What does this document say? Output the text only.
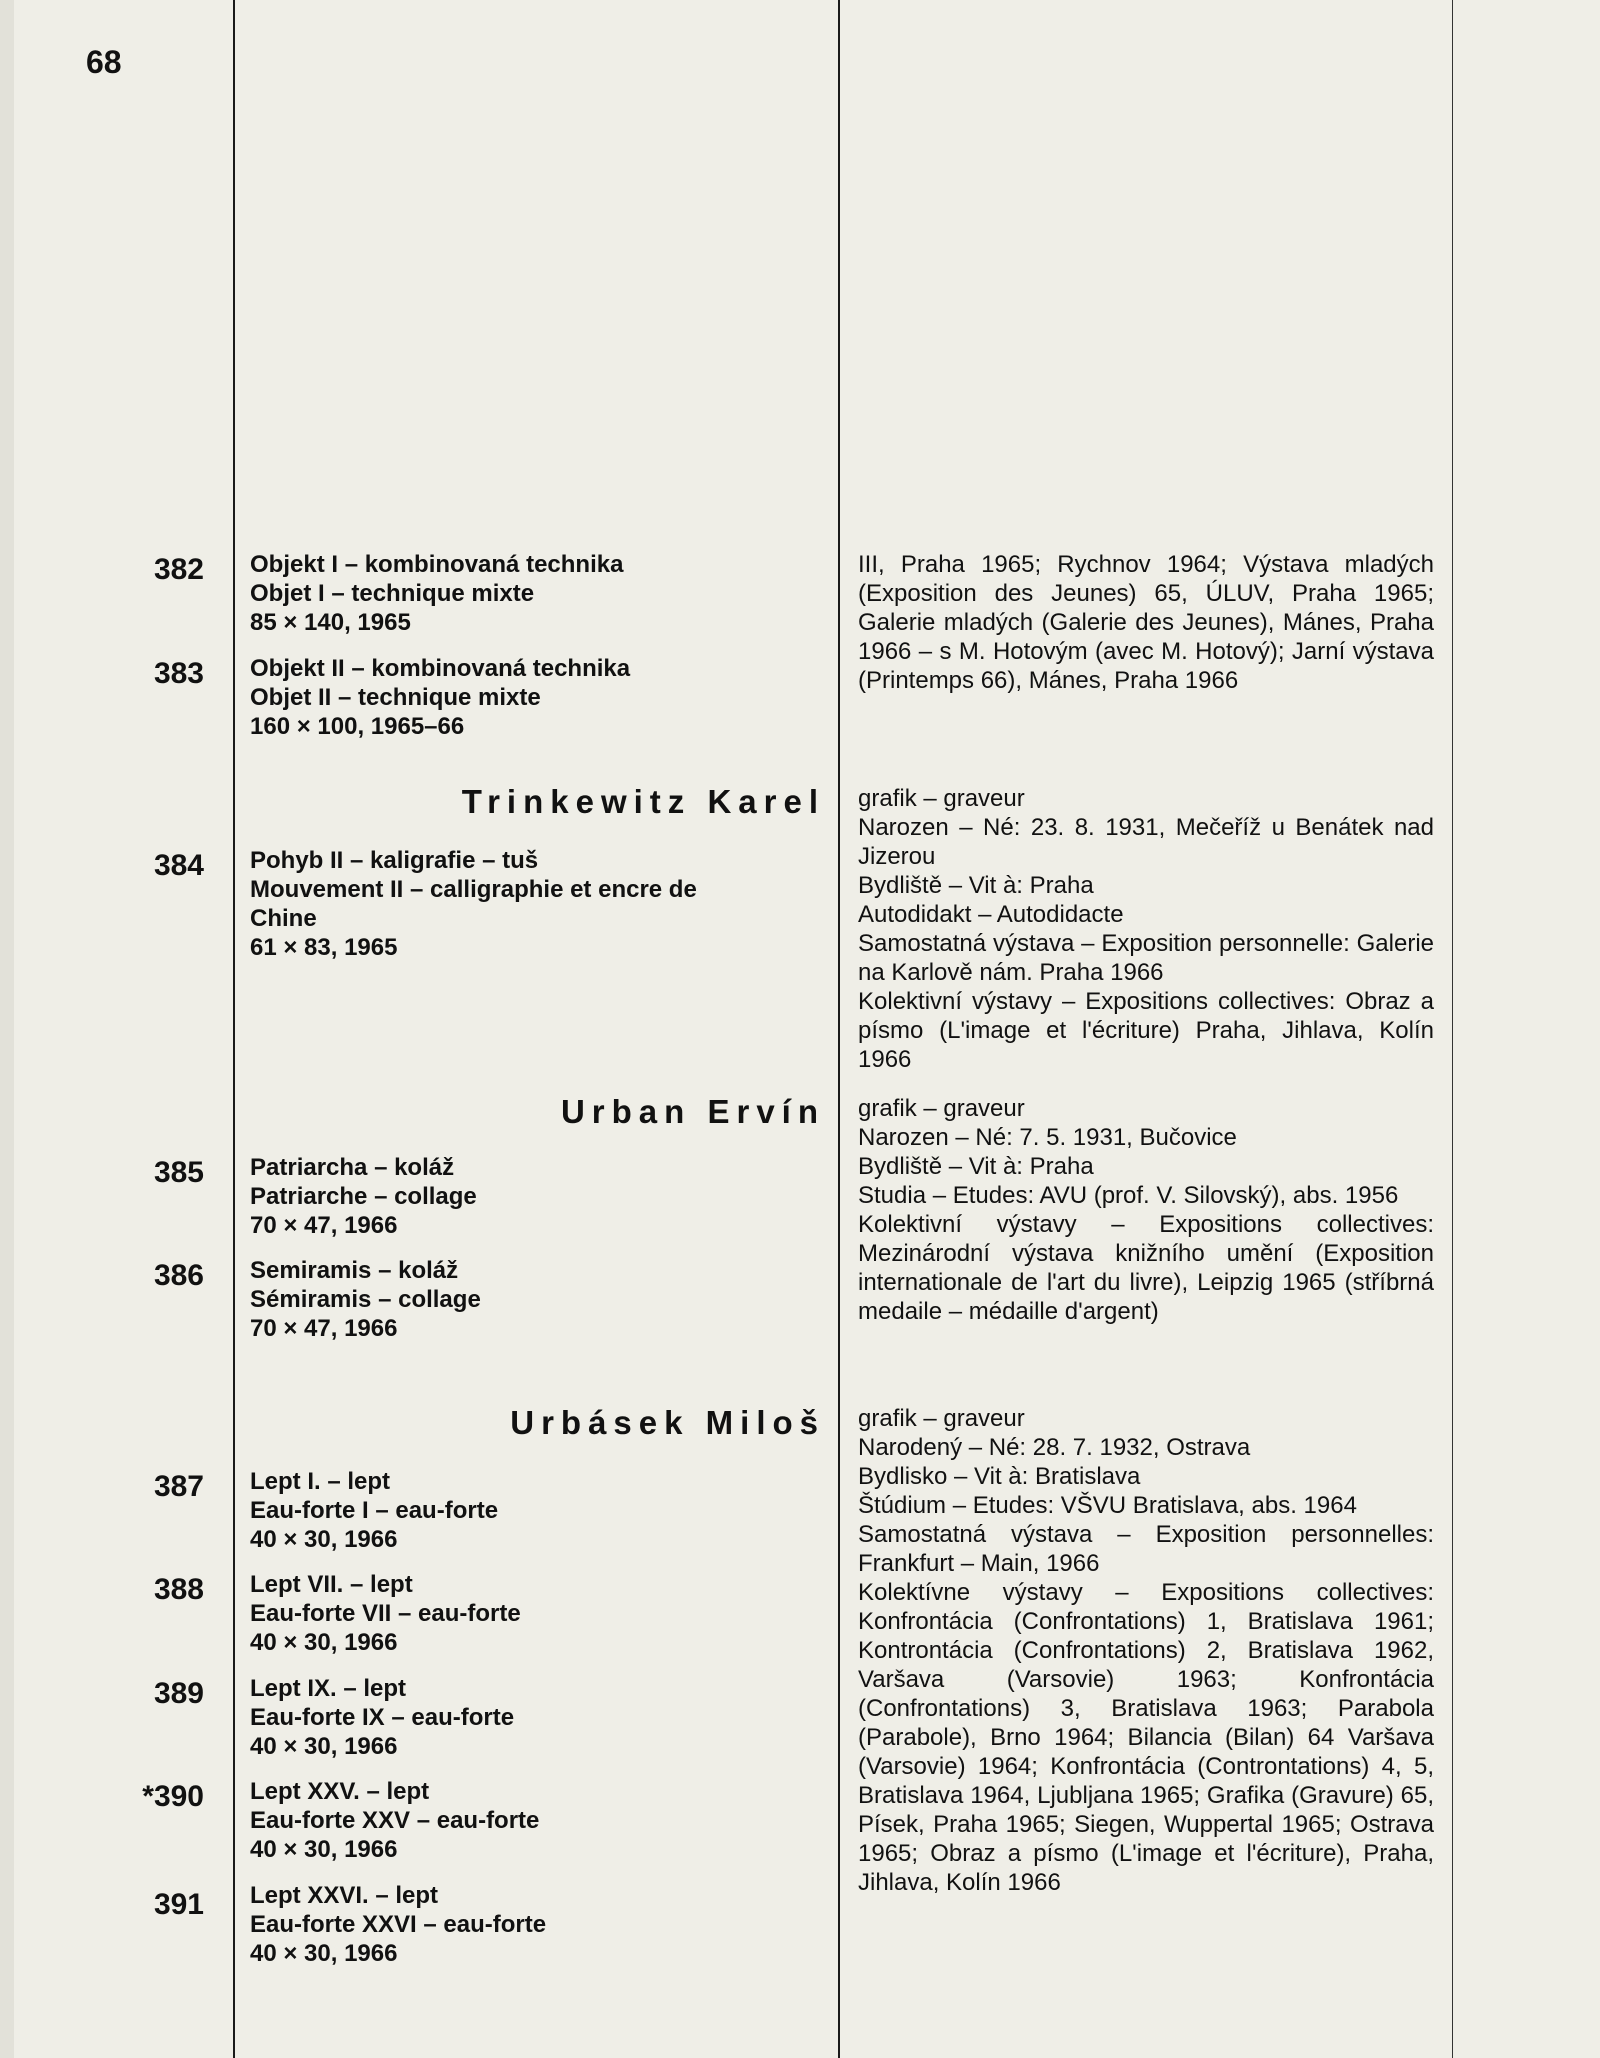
68
382
383
384
385
386
387
388
389
*390
391
Objekt I – kombinovaná technika
Objet I – technique mixte
85 × 140, 1965
Objekt II – kombinovaná technika
Objet II – technique mixte
160 × 100, 1965–66
Pohyb II – kaligrafie – tuš
Mouvement II – calligraphie et encre de
Chine
61 × 83, 1965
Patriarcha – koláž
Patriarche – collage
70 × 47, 1966
Semiramis – koláž
Sémiramis – collage
70 × 47, 1966
Lept I. – lept
Eau-forte I – eau-forte
40 × 30, 1966
Lept VII. – lept
Eau-forte VII – eau-forte
40 × 30, 1966
Lept IX. – lept
Eau-forte IX – eau-forte
40 × 30, 1966
Lept XXV. – lept
Eau-forte XXV – eau-forte
40 × 30, 1966
Lept XXVI. – lept
Eau-forte XXVI – eau-forte
40 × 30, 1966
Trinkewitz Karel
Urban Ervín
Urbásek Miloš

III, Praha 1965; Rychnov 1964; Výstava mladých (Exposition des Jeunes) 65, ÚLUV, Praha 1965; Galerie mladých (Galerie des Jeunes), Mánes, Praha 1966 – s M. Hotovým (avec M. Hotový); Jarní výstava (Printemps 66), Mánes, Praha 1966

grafik – graveur
Narozen – Né: 23. 8. 1931, Mečeříž u Benátek nad Jizerou
Bydliště – Vit à: Praha
Autodidakt – Autodidacte
Samostatná výstava – Exposition personnelle: Galerie na Karlově nám. Praha 1966
Kolektivní výstavy – Expositions collectives: Obraz a písmo (L'image et l'écriture) Praha, Jihlava, Kolín 1966

grafik – graveur
Narozen – Né: 7. 5. 1931, Bučovice
Bydliště – Vit à: Praha
Studia – Etudes: AVU (prof. V. Silovský), abs. 1956
Kolektivní výstavy – Expositions collectives: Mezinárodní výstava knižního umění (Exposition internationale de l'art du livre), Leipzig 1965 (stříbrná medaile – médaille d'argent)

grafik – graveur
Narodený – Né: 28. 7. 1932, Ostrava
Bydlisko – Vit à: Bratislava
Štúdium – Etudes: VŠVU Bratislava, abs. 1964
Samostatná výstava – Exposition personnelles: Frankfurt – Main, 1966
Kolektívne výstavy – Expositions collectives: Konfrontácia (Confrontations) 1, Bratislava 1961; Kontrontácia (Confrontations) 2, Bratislava 1962, Varšava (Varsovie) 1963; Konfrontácia (Confrontations) 3, Bratislava 1963; Parabola (Parabole), Brno 1964; Bilancia (Bilan) 64 Varšava (Varsovie) 1964; Konfrontácia (Controntations) 4, 5, Bratislava 1964, Ljubljana 1965; Grafika (Gravure) 65, Písek, Praha 1965; Siegen, Wuppertal 1965; Ostrava 1965; Obraz a písmo (L'image et l'écriture), Praha, Jihlava, Kolín 1966
